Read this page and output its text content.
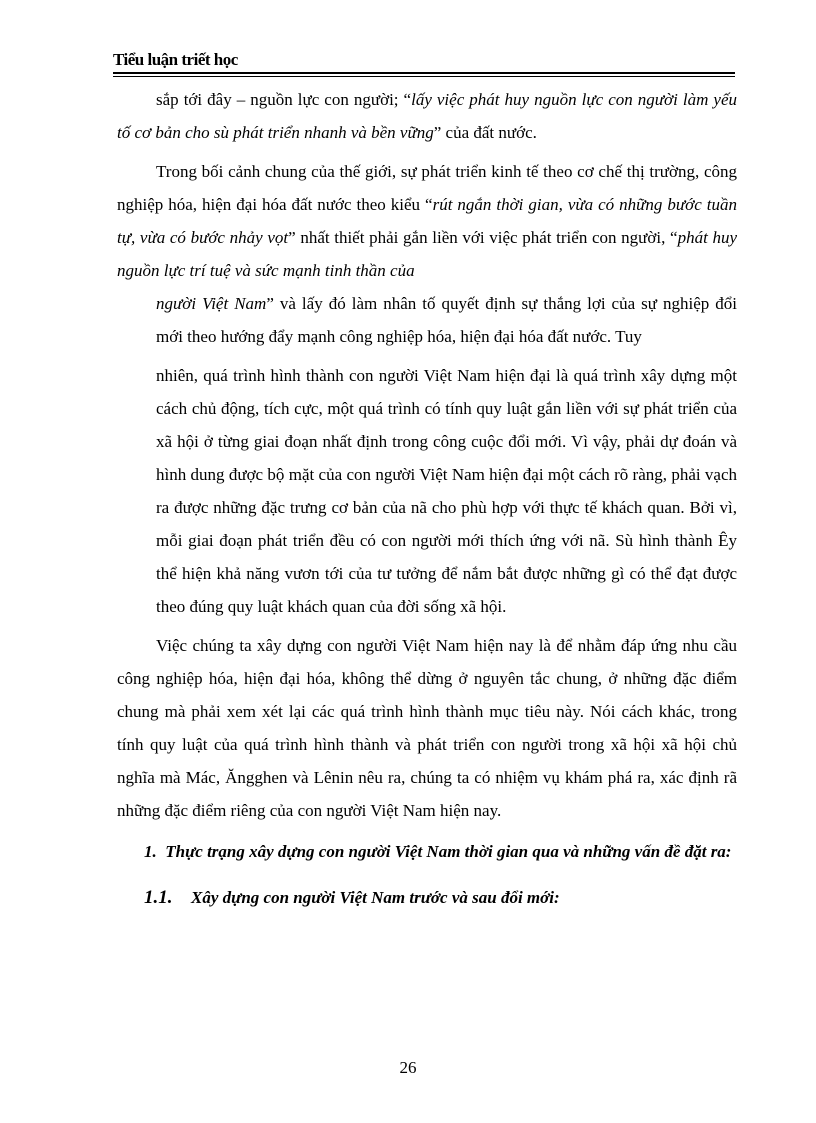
Tiểu luận triết học

sắp tới đây – nguồn lực con người; “lấy việc phát huy nguồn lực con người làm yếu tố cơ bản cho sù phát triển nhanh và bền vững” của đất nước.

Trong bối cảnh chung của thế giới, sự phát triển kinh tế theo cơ chế thị trường, công nghiệp hóa, hiện đại hóa đất nước theo kiểu “rút ngắn thời gian, vừa có những bước tuần tự, vừa có bước nhảy vọt” nhất thiết phải gắn liền với việc phát triển con người, “phát huy nguồn lực trí tuệ và sức mạnh tinh thần của

người Việt Nam” và lấy đó làm nhân tố quyết định sự thắng lợi của sự nghiệp đổi mới theo hướng đẩy mạnh công nghiệp hóa, hiện đại hóa đất nước. Tuy

nhiên, quá trình hình thành con người Việt Nam hiện đại là quá trình xây dựng một cách chủ động, tích cực, một quá trình có tính quy luật gắn liền với sự phát triển của xã hội ở từng giai đoạn nhất định trong công cuộc đổi mới. Vì vậy, phải dự đoán và hình dung được bộ mặt của con người Việt Nam hiện đại một cách rõ ràng, phải vạch ra được những đặc trưng cơ bản của nã cho phù hợp với thực tế khách quan. Bởi vì, mỗi giai đoạn phát triển đều có con người mới thích ứng với nã. Sù hình thành Êy thể hiện khả năng vươn tới của tư tưởng để nắm bắt được những gì có thể đạt được theo đúng quy luật khách quan của đời sống xã hội.

Việc chúng ta xây dựng con người Việt Nam hiện nay là để nhằm đáp ứng nhu cầu công nghiệp hóa, hiện đại hóa, không thể dừng ở nguyên tắc chung, ở những đặc điểm chung mà phải xem xét lại các quá trình hình thành mục tiêu này. Nói cách khác, trong tính quy luật của quá trình hình thành và phát triển con người trong xã hội xã hội chủ nghĩa mà Mác, Ăngghen và Lênin nêu ra, chúng ta có nhiệm vụ khám phá ra, xác định rã những đặc điểm riêng của con người Việt Nam hiện nay.

1. Thực trạng xây dựng con người Việt Nam thời gian qua và những vấn đề đặt ra:

1.1. Xây dựng con người Việt Nam trước và sau đổi mới:

26
